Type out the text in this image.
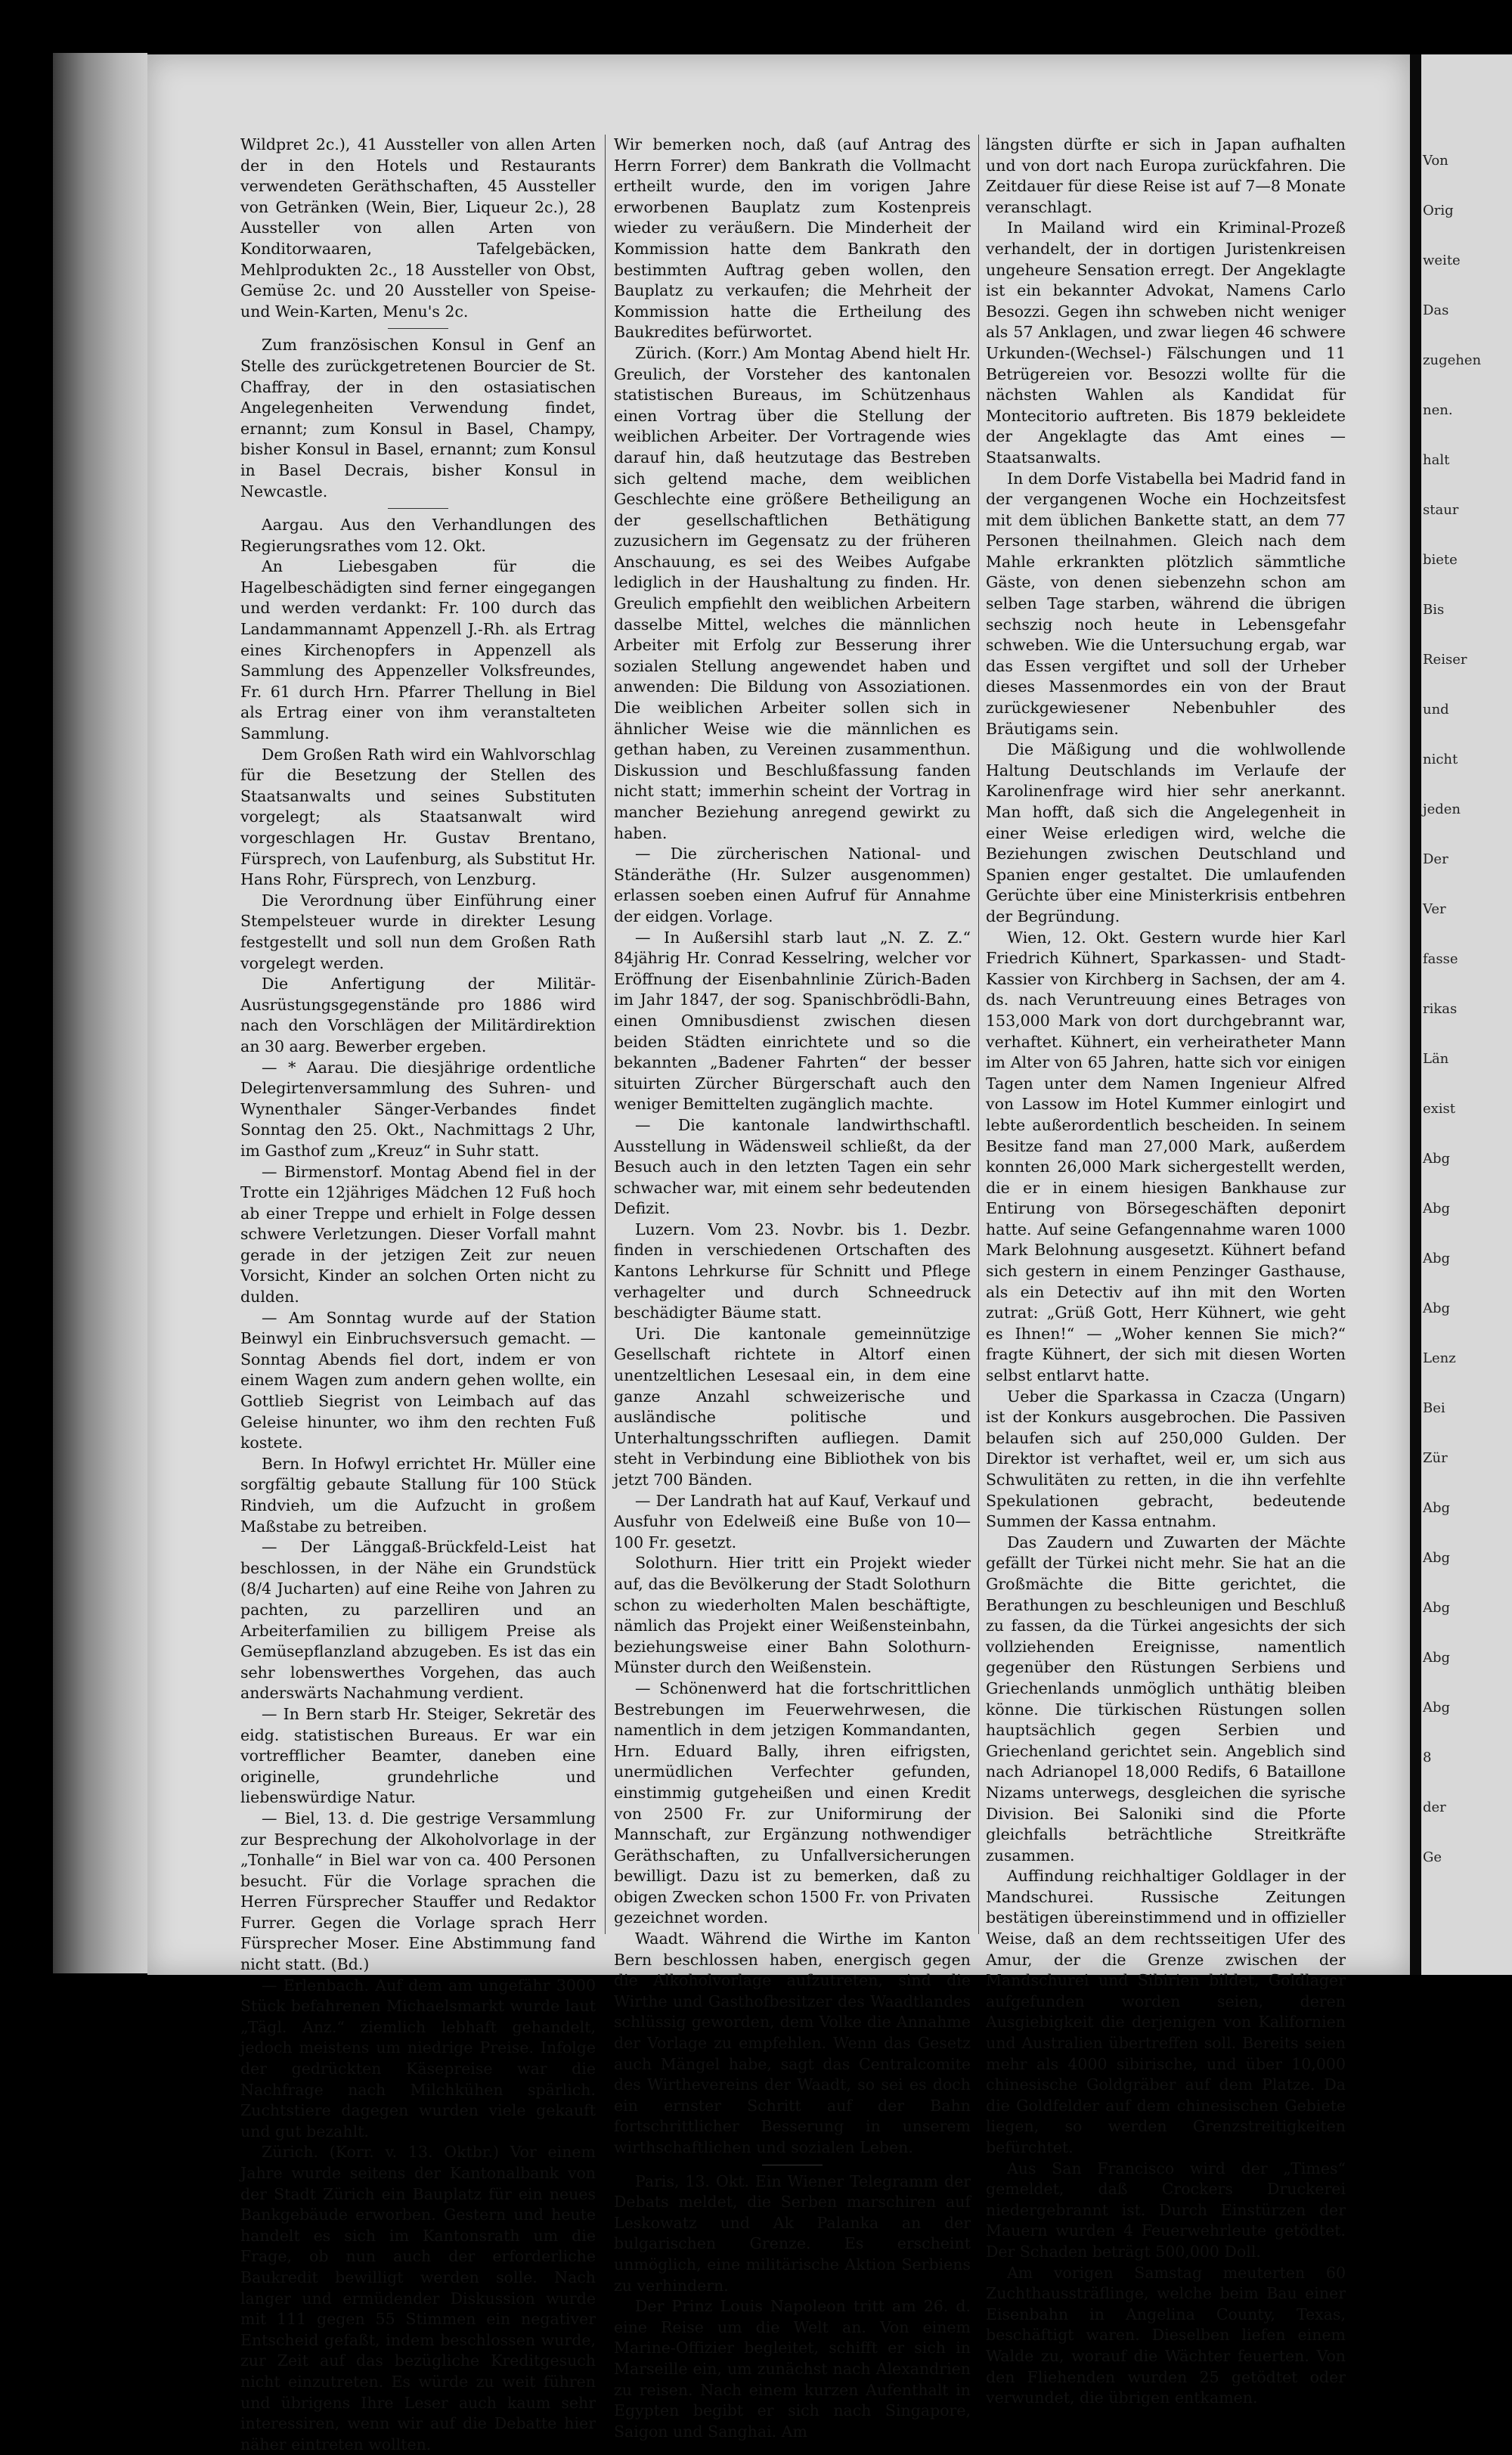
Wildpret 2c.), 41 Aussteller von allen Arten der in den Hotels und Restaurants verwendeten Geräthschaften, 45 Aussteller von Getränken (Wein, Bier, Liqueur 2c.), 28 Aussteller von allen Arten von Konditorwaaren, Tafelgebäcken, Mehlprodukten 2c., 18 Aussteller von Obst, Gemüse 2c. und 20 Aussteller von Speise- und Wein-Karten, Menu's 2c.

Zum französischen Konsul in Genf an Stelle des zurückgetretenen Bourcier de St. Chaffray, der in den ostasiatischen Angelegenheiten Verwendung findet, ernannt; zum Konsul in Basel, Champy, bisher Konsul in Basel, ernannt; zum Konsul in Basel Decrais, bisher Konsul in Newcastle.

Aargau. Aus den Verhandlungen des Regierungsrathes vom 12. Okt.

An Liebesgaben für die Hagelbeschädigten sind ferner eingegangen und werden verdankt: Fr. 100 durch das Landammannamt Appenzell J.-Rh. als Ertrag eines Kirchenopfers in Appenzell als Sammlung des Appenzeller Volksfreundes, Fr. 61 durch Hrn. Pfarrer Thellung in Biel als Ertrag einer von ihm veranstalteten Sammlung.

Dem Großen Rath wird ein Wahlvorschlag für die Besetzung der Stellen des Staatsanwalts und seines Substituten vorgelegt; als Staatsanwalt wird vorgeschlagen Hr. Gustav Brentano, Fürsprech, von Laufenburg, als Substitut Hr. Hans Rohr, Fürsprech, von Lenzburg.

Die Verordnung über Einführung einer Stempelsteuer wurde in direkter Lesung festgestellt und soll nun dem Großen Rath vorgelegt werden.

Die Anfertigung der Militär-Ausrüstungsgegenstände pro 1886 wird nach den Vorschlägen der Militärdirektion an 30 aarg. Bewerber ergeben.

— * Aarau. Die diesjährige ordentliche Delegirtenversammlung des Suhren- und Wynenthaler Sänger-Verbandes findet Sonntag den 25. Okt., Nachmittags 2 Uhr, im Gasthof zum „Kreuz“ in Suhr statt.

— Birmenstorf. Montag Abend fiel in der Trotte ein 12jähriges Mädchen 12 Fuß hoch ab einer Treppe und erhielt in Folge dessen schwere Verletzungen. Dieser Vorfall mahnt gerade in der jetzigen Zeit zur neuen Vorsicht, Kinder an solchen Orten nicht zu dulden.

— Am Sonntag wurde auf der Station Beinwyl ein Einbruchsversuch gemacht. — Sonntag Abends fiel dort, indem er von einem Wagen zum andern gehen wollte, ein Gottlieb Siegrist von Leimbach auf das Geleise hinunter, wo ihm den rechten Fuß kostete.

Bern. In Hofwyl errichtet Hr. Müller eine sorgfältig gebaute Stallung für 100 Stück Rindvieh, um die Aufzucht in großem Maßstabe zu betreiben.

— Der Länggaß-Brückfeld-Leist hat beschlossen, in der Nähe ein Grundstück (8/4 Jucharten) auf eine Reihe von Jahren zu pachten, zu parzelliren und an Arbeiterfamilien zu billigem Preise als Gemüsepflanzland abzugeben. Es ist das ein sehr lobenswerthes Vorgehen, das auch anderswärts Nachahmung verdient.

— In Bern starb Hr. Steiger, Sekretär des eidg. statistischen Bureaus. Er war ein vortrefflicher Beamter, daneben eine originelle, grundehrliche und liebenswürdige Natur.

— Biel, 13. d. Die gestrige Versammlung zur Besprechung der Alkoholvorlage in der „Tonhalle“ in Biel war von ca. 400 Personen besucht. Für die Vorlage sprachen die Herren Fürsprecher Stauffer und Redaktor Furrer. Gegen die Vorlage sprach Herr Fürsprecher Moser. Eine Abstimmung fand nicht statt. (Bd.)

— Erlenbach. Auf dem am ungefähr 3000 Stück befahrenen Michaelsmarkt wurde laut „Tägl. Anz.“ ziemlich lebhaft gehandelt, jedoch meistens um niedrige Preise. Infolge der gedrückten Käsepreise war die Nachfrage nach Milchkühen spärlich. Zuchtstiere dagegen wurden viele gekauft und gut bezahlt.

Zürich. (Korr. v. 13. Oktbr.) Vor einem Jahre wurde seitens der Kantonalbank von der Stadt Zürich ein Bauplatz für ein neues Bankgebäude erworben. Gestern und heute handelt es sich im Kantonsrath um die Frage, ob nun auch der erforderliche Baukredit bewilligt werden solle. Nach langer und ermüdender Diskussion wurde mit 111 gegen 55 Stimmen ein negativer Entscheid gefaßt, indem beschlossen wurde, zur Zeit auf das bezügliche Kreditgesuch nicht einzutreten. Es würde zu weit führen und übrigens Ihre Leser auch kaum sehr interessiren, wenn wir auf die Debatte hier näher eintreten wollten.

Wir bemerken noch, daß (auf Antrag des Herrn Forrer) dem Bankrath die Vollmacht ertheilt wurde, den im vorigen Jahre erworbenen Bauplatz zum Kostenpreis wieder zu veräußern. Die Minderheit der Kommission hatte dem Bankrath den bestimmten Auftrag geben wollen, den Bauplatz zu verkaufen; die Mehrheit der Kommission hatte die Ertheilung des Baukredites befürwortet.

Zürich. (Korr.) Am Montag Abend hielt Hr. Greulich, der Vorsteher des kantonalen statistischen Bureaus, im Schützenhaus einen Vortrag über die Stellung der weiblichen Arbeiter. Der Vortragende wies darauf hin, daß heutzutage das Bestreben sich geltend mache, dem weiblichen Geschlechte eine größere Betheiligung an der gesellschaftlichen Bethätigung zuzusichern im Gegensatz zu der früheren Anschauung, es sei des Weibes Aufgabe lediglich in der Haushaltung zu finden. Hr. Greulich empfiehlt den weiblichen Arbeitern dasselbe Mittel, welches die männlichen Arbeiter mit Erfolg zur Besserung ihrer sozialen Stellung angewendet haben und anwenden: Die Bildung von Assoziationen. Die weiblichen Arbeiter sollen sich in ähnlicher Weise wie die männlichen es gethan haben, zu Vereinen zusammenthun. Diskussion und Beschlußfassung fanden nicht statt; immerhin scheint der Vortrag in mancher Beziehung anregend gewirkt zu haben.

— Die zürcherischen National- und Ständeräthe (Hr. Sulzer ausgenommen) erlassen soeben einen Aufruf für Annahme der eidgen. Vorlage.

— In Außersihl starb laut „N. Z. Z.“ 84jährig Hr. Conrad Kesselring, welcher vor Eröffnung der Eisenbahnlinie Zürich-Baden im Jahr 1847, der sog. Spanischbrödli-Bahn, einen Omnibusdienst zwischen diesen beiden Städten einrichtete und so die bekannten „Badener Fahrten“ der besser situirten Zürcher Bürgerschaft auch den weniger Bemittelten zugänglich machte.

— Die kantonale landwirthschaftl. Ausstellung in Wädensweil schließt, da der Besuch auch in den letzten Tagen ein sehr schwacher war, mit einem sehr bedeutenden Defizit.

Luzern. Vom 23. Novbr. bis 1. Dezbr. finden in verschiedenen Ortschaften des Kantons Lehrkurse für Schnitt und Pflege verhagelter und durch Schneedruck beschädigter Bäume statt.

Uri. Die kantonale gemeinnützige Gesellschaft richtete in Altorf einen unentzeltlichen Lesesaal ein, in dem eine ganze Anzahl schweizerische und ausländische politische und Unterhaltungsschriften aufliegen. Damit steht in Verbindung eine Bibliothek von bis jetzt 700 Bänden.

— Der Landrath hat auf Kauf, Verkauf und Ausfuhr von Edelweiß eine Buße von 10—100 Fr. gesetzt.

Solothurn. Hier tritt ein Projekt wieder auf, das die Bevölkerung der Stadt Solothurn schon zu wiederholten Malen beschäftigte, nämlich das Projekt einer Weißensteinbahn, beziehungsweise einer Bahn Solothurn-Münster durch den Weißenstein.

— Schönenwerd hat die fortschrittlichen Bestrebungen im Feuerwehrwesen, die namentlich in dem jetzigen Kommandanten, Hrn. Eduard Bally, ihren eifrigsten, unermüdlichen Verfechter gefunden, einstimmig gutgeheißen und einen Kredit von 2500 Fr. zur Uniformirung der Mannschaft, zur Ergänzung nothwendiger Geräthschaften, zu Unfallversicherungen bewilligt. Dazu ist zu bemerken, daß zu obigen Zwecken schon 1500 Fr. von Privaten gezeichnet worden.

Waadt. Während die Wirthe im Kanton Bern beschlossen haben, energisch gegen die Alkoholvorlage aufzutreten, sind die Wirthe und Gasthofbesitzer des Waadtlandes schlüssig geworden, dem Volke die Annahme der Vorlage zu empfehlen. Wenn das Gesetz auch Mängel habe, sagt das Centralcomite des Wirthevereins der Waadt, so sei es doch ein ernster Schritt auf der Bahn fortschrittlicher Besserung in unserem wirthschaftlichen und sozialen Leben.

Paris, 13. Okt. Ein Wiener Telegramm der Debats meldet, die Serben marschiren auf Leskowatz und Ak Palanka an der bulgarischen Grenze. Es erscheint unmöglich, eine militärische Aktion Serbiens zu verhindern.

Der Prinz Louis Napoleon tritt am 26. d. eine Reise um die Welt an. Von einem Marine-Offizier begleitet, schifft er sich in Marseille ein, um zunächst nach Alexandrien zu reisen. Nach einem kurzen Aufenthalt in Egypten begibt er sich nach Singapore, Saigon und Sanghai. Am

längsten dürfte er sich in Japan aufhalten und von dort nach Europa zurückfahren. Die Zeitdauer für diese Reise ist auf 7—8 Monate veranschlagt.

In Mailand wird ein Kriminal-Prozeß verhandelt, der in dortigen Juristenkreisen ungeheure Sensation erregt. Der Angeklagte ist ein bekannter Advokat, Namens Carlo Besozzi. Gegen ihn schweben nicht weniger als 57 Anklagen, und zwar liegen 46 schwere Urkunden-(Wechsel-) Fälschungen und 11 Betrügereien vor. Besozzi wollte für die nächsten Wahlen als Kandidat für Montecitorio auftreten. Bis 1879 bekleidete der Angeklagte das Amt eines — Staatsanwalts.

In dem Dorfe Vistabella bei Madrid fand in der vergangenen Woche ein Hochzeitsfest mit dem üblichen Bankette statt, an dem 77 Personen theilnahmen. Gleich nach dem Mahle erkrankten plötzlich sämmtliche Gäste, von denen siebenzehn schon am selben Tage starben, während die übrigen sechszig noch heute in Lebensgefahr schweben. Wie die Untersuchung ergab, war das Essen vergiftet und soll der Urheber dieses Massenmordes ein von der Braut zurückgewiesener Nebenbuhler des Bräutigams sein.

Die Mäßigung und die wohlwollende Haltung Deutschlands im Verlaufe der Karolinenfrage wird hier sehr anerkannt. Man hofft, daß sich die Angelegenheit in einer Weise erledigen wird, welche die Beziehungen zwischen Deutschland und Spanien enger gestaltet. Die umlaufenden Gerüchte über eine Ministerkrisis entbehren der Begründung.

Wien, 12. Okt. Gestern wurde hier Karl Friedrich Kühnert, Sparkassen- und Stadt-Kassier von Kirchberg in Sachsen, der am 4. ds. nach Veruntreuung eines Betrages von 153,000 Mark von dort durchgebrannt war, verhaftet. Kühnert, ein verheiratheter Mann im Alter von 65 Jahren, hatte sich vor einigen Tagen unter dem Namen Ingenieur Alfred von Lassow im Hotel Kummer einlogirt und lebte außerordentlich bescheiden. In seinem Besitze fand man 27,000 Mark, außerdem konnten 26,000 Mark sichergestellt werden, die er in einem hiesigen Bankhause zur Entirung von Börsegeschäften deponirt hatte. Auf seine Gefangennahme waren 1000 Mark Belohnung ausgesetzt. Kühnert befand sich gestern in einem Penzinger Gasthause, als ein Detectiv auf ihn mit den Worten zutrat: „Grüß Gott, Herr Kühnert, wie geht es Ihnen!“ — „Woher kennen Sie mich?“ fragte Kühnert, der sich mit diesen Worten selbst entlarvt hatte.

Ueber die Sparkassa in Czacza (Ungarn) ist der Konkurs ausgebrochen. Die Passiven belaufen sich auf 250,000 Gulden. Der Direktor ist verhaftet, weil er, um sich aus Schwulitäten zu retten, in die ihn verfehlte Spekulationen gebracht, bedeutende Summen der Kassa entnahm.

Das Zaudern und Zuwarten der Mächte gefällt der Türkei nicht mehr. Sie hat an die Großmächte die Bitte gerichtet, die Berathungen zu beschleunigen und Beschluß zu fassen, da die Türkei angesichts der sich vollziehenden Ereignisse, namentlich gegenüber den Rüstungen Serbiens und Griechenlands unmöglich unthätig bleiben könne. Die türkischen Rüstungen sollen hauptsächlich gegen Serbien und Griechenland gerichtet sein. Angeblich sind nach Adrianopel 18,000 Redifs, 6 Bataillone Nizams unterwegs, desgleichen die syrische Division. Bei Saloniki sind die Pforte gleichfalls beträchtliche Streitkräfte zusammen.

Auffindung reichhaltiger Goldlager in der Mandschurei. Russische Zeitungen bestätigen übereinstimmend und in offizieller Weise, daß an dem rechtsseitigen Ufer des Amur, der die Grenze zwischen der Mandschurei und Sibirien bildet, Goldlager aufgefunden worden seien, deren Ausgiebigkeit die derjenigen von Kalifornien und Australien übertreffen soll. Bereits seien mehr als 4000 sibirische, und über 10,000 chinesische Goldgräber auf dem Platze. Da die Goldfelder auf dem chinesischen Gebiete liegen, so werden Grenzstreitigkeiten befürchtet.

Aus San Francisco wird der „Times“ gemeldet, daß Crockers Druckerei niedergebrannt ist. Durch Einstürzen der Mauern wurden 4 Feuerwehrleute getödtet. Der Schaden beträgt 500,000 Doll.

Am vorigen Samstag meuterten 60 Zuchthaussträflinge, welche beim Bau einer Eisenbahn in Angelina County, Texas, beschäftigt waren. Dieselben liefen einem Walde zu, worauf die Wächter feuerten. Von den Fliehenden wurden 25 getödtet oder verwundet, die übrigen entkamen.

Von
Orig
weite
Das
zugehen
nen.
halt
staur
biete
Bis
Reiser
und
nicht
jeden
Der
Ver
fasse
rikas
Län
exist
Abg
Abg
Abg
Abg
Lenz
Bei
Zür
Abg
Abg
Abg
Abg
Abg
8
der
Ge
